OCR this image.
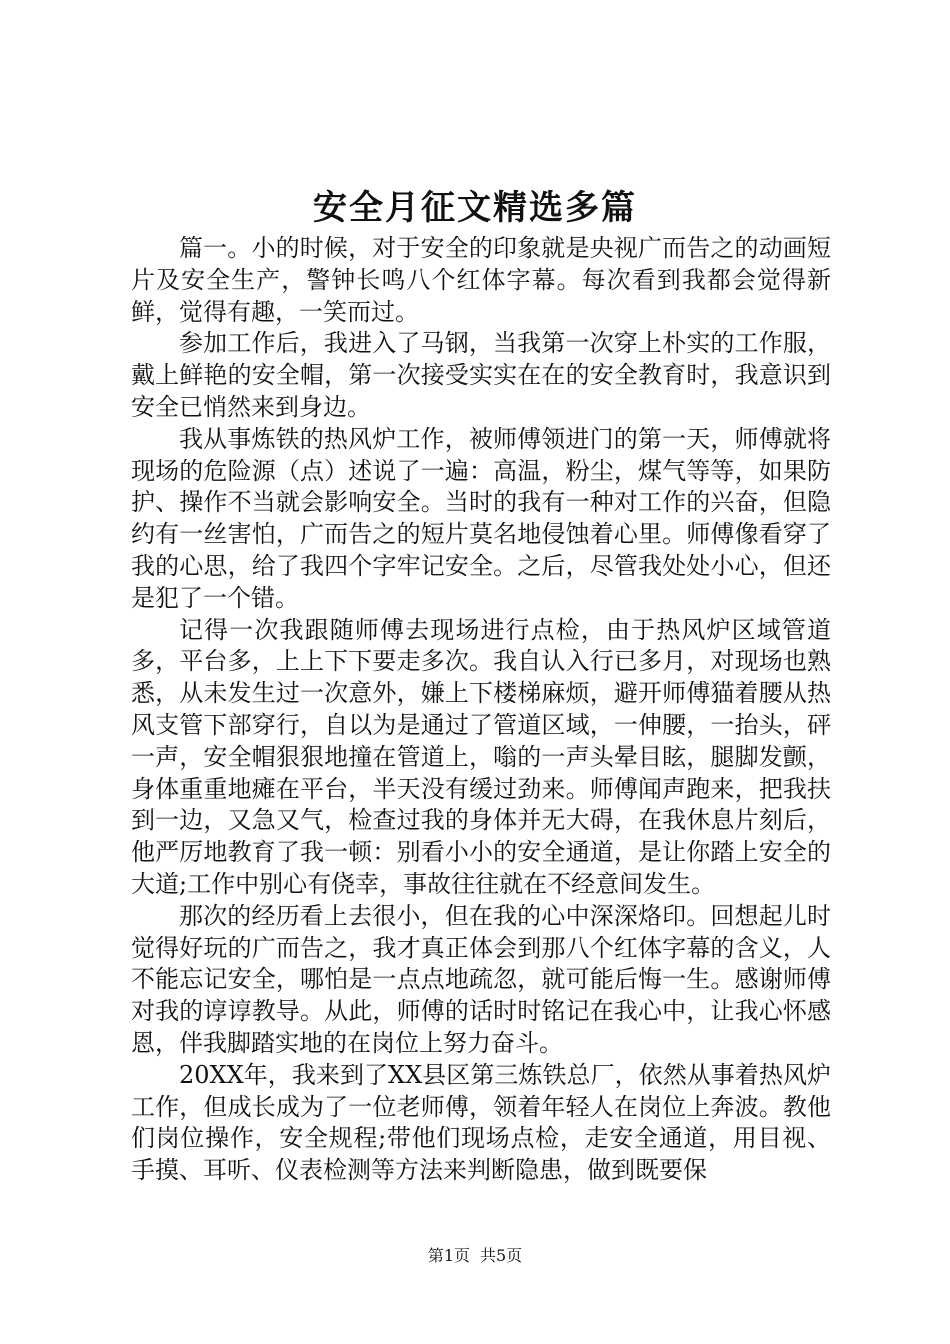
安全月征文精选多篇

篇一。小的时候，对于安全的印象就是央视广而告之的动画短片及安全生产，警钟长鸣八个红体字幕。每次看到我都会觉得新鲜，觉得有趣，一笑而过。

参加工作后，我进入了马钢，当我第一次穿上朴实的工作服，戴上鲜艳的安全帽，第一次接受实实在在的安全教育时，我意识到安全已悄然来到身边。

我从事炼铁的热风炉工作，被师傅领进门的第一天，师傅就将现场的危险源（点）述说了一遍：高温，粉尘，煤气等等，如果防护、操作不当就会影响安全。当时的我有一种对工作的兴奋，但隐约有一丝害怕，广而告之的短片莫名地侵蚀着心里。师傅像看穿了我的心思，给了我四个字牢记安全。之后，尽管我处处小心，但还是犯了一个错。

记得一次我跟随师傅去现场进行点检，由于热风炉区域管道多，平台多，上上下下要走多次。我自认入行已多月，对现场也熟悉，从未发生过一次意外，嫌上下楼梯麻烦，避开师傅猫着腰从热风支管下部穿行，自以为是通过了管道区域，一伸腰，一抬头，砰一声，安全帽狠狠地撞在管道上，嗡的一声头晕目眩，腿脚发颤，身体重重地瘫在平台，半天没有缓过劲来。师傅闻声跑来，把我扶到一边，又急又气，检查过我的身体并无大碍，在我休息片刻后，他严厉地教育了我一顿：别看小小的安全通道，是让你踏上安全的大道;工作中别心有侥幸，事故往往就在不经意间发生。

那次的经历看上去很小，但在我的心中深深烙印。回想起儿时觉得好玩的广而告之，我才真正体会到那八个红体字幕的含义，人不能忘记安全，哪怕是一点点地疏忽，就可能后悔一生。感谢师傅对我的谆谆教导。从此，师傅的话时时铭记在我心中，让我心怀感恩，伴我脚踏实地的在岗位上努力奋斗。

20XX年，我来到了XX县区第三炼铁总厂，依然从事着热风炉工作，但成长成为了一位老师傅，领着年轻人在岗位上奔波。教他们岗位操作，安全规程;带他们现场点检，走安全通道，用目视、手摸、耳听、仪表检测等方法来判断隐患，做到既要保

第1页 共5页
